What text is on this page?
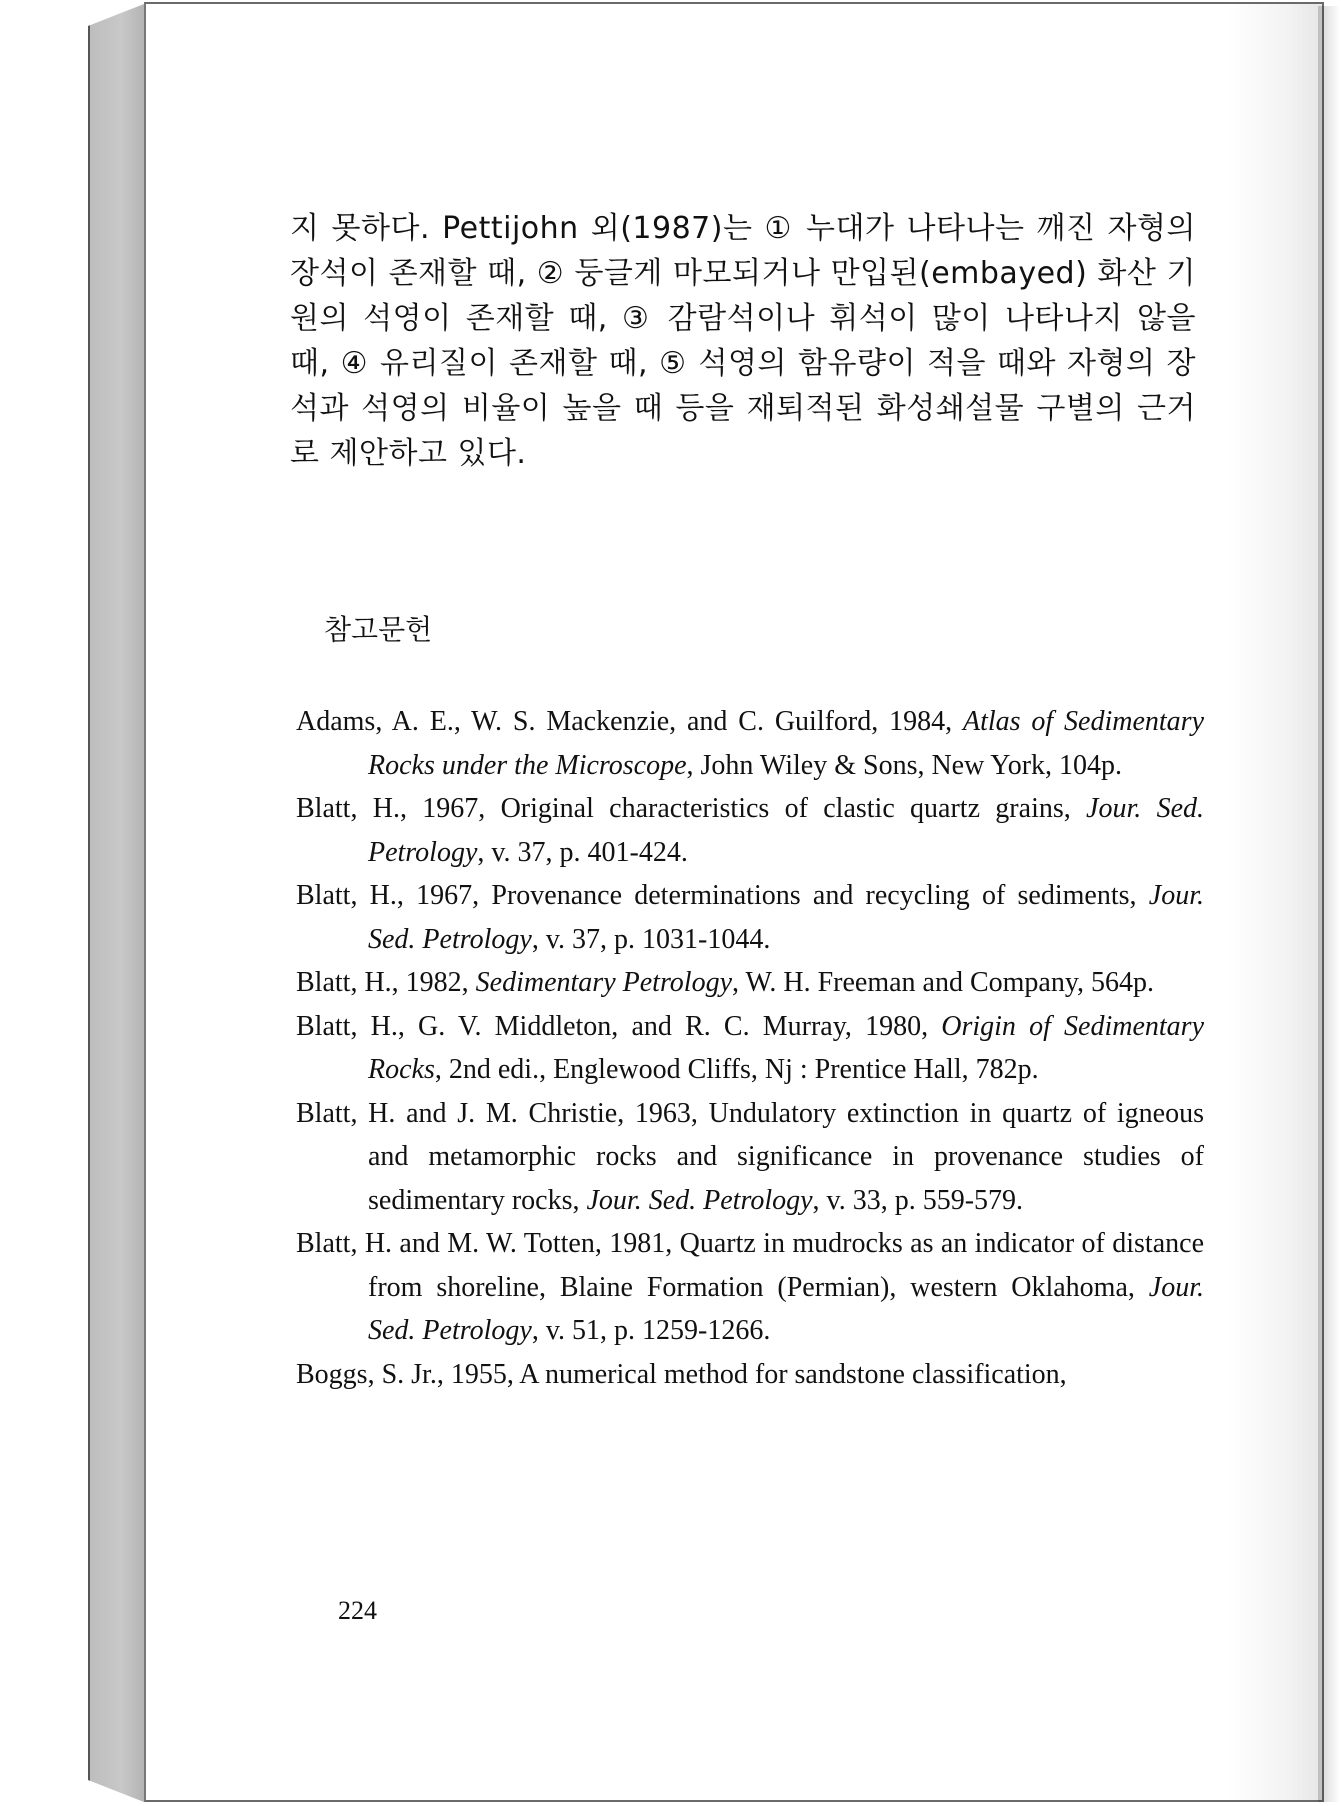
지 못하다. Pettijohn 외(1987)는 ① 누대가 나타나는 깨진 자형의 장석이 존재할 때, ② 둥글게 마모되거나 만입된(embayed) 화산 기원의 석영이 존재할 때, ③ 감람석이나 휘석이 많이 나타나지 않을 때, ④ 유리질이 존재할 때, ⑤ 석영의 함유량이 적을 때와 자형의 장석과 석영의 비율이 높을 때 등을 재퇴적된 화성쇄설물 구별의 근거로 제안하고 있다.
참고문헌

Adams, A. E., W. S. Mackenzie, and C. Guilford, 1984, Atlas of Sedimentary Rocks under the Microscope, John Wiley & Sons, New York, 104p.

Blatt, H., 1967, Original characteristics of clastic quartz grains, Jour. Sed. Petrology, v. 37, p. 401-424.

Blatt, H., 1967, Provenance determinations and recycling of sediments, Jour. Sed. Petrology, v. 37, p. 1031-1044.

Blatt, H., 1982, Sedimentary Petrology, W. H. Freeman and Company, 564p.

Blatt, H., G. V. Middleton, and R. C. Murray, 1980, Origin of Sedimentary Rocks, 2nd edi., Englewood Cliffs, Nj : Prentice Hall, 782p.

Blatt, H. and J. M. Christie, 1963, Undulatory extinction in quartz of igneous and metamorphic rocks and significance in provenance studies of sedimentary rocks, Jour. Sed. Petrology, v. 33, p. 559-579.

Blatt, H. and M. W. Totten, 1981, Quartz in mudrocks as an indicator of distance from shoreline, Blaine Formation (Permian), western Oklahoma, Jour. Sed. Petrology, v. 51, p. 1259-1266.

Boggs, S. Jr., 1955, A numerical method for sandstone classification,

224
